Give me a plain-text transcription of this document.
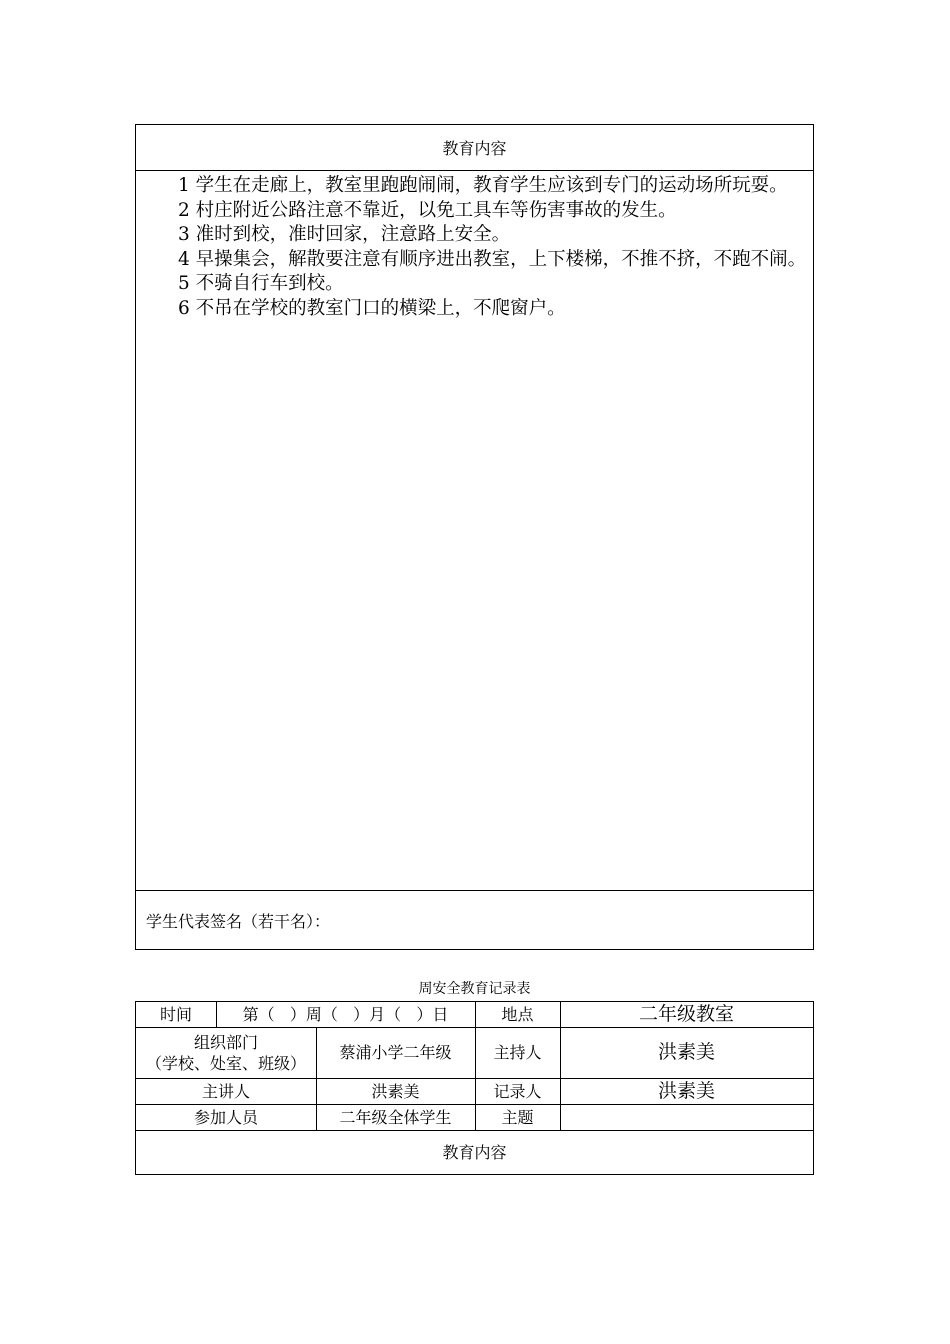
教育内容

1 学生在走廊上，教室里跑跑闹闹，教育学生应该到专门的运动场所玩耍。

2 村庄附近公路注意不靠近，以免工具车等伤害事故的发生。

3 准时到校，准时回家，注意路上安全。

4 早操集会，解散要注意有顺序进出教室，上下楼梯，不推不挤，不跑不闹。

5 不骑自行车到校。

6 不吊在学校的教室门口的横梁上，不爬窗户。

学生代表签名（若干名）：
周安全教育记录表
时间	第（   ）周（   ）月（   ）日	地点	二年级教室
组织部门
（学校、处室、班级）
蔡浦小学二年级	主持人	洪素美
主讲人	洪素美	记录人	洪素美
参加人员	二年级全体学生	主题
教育内容
